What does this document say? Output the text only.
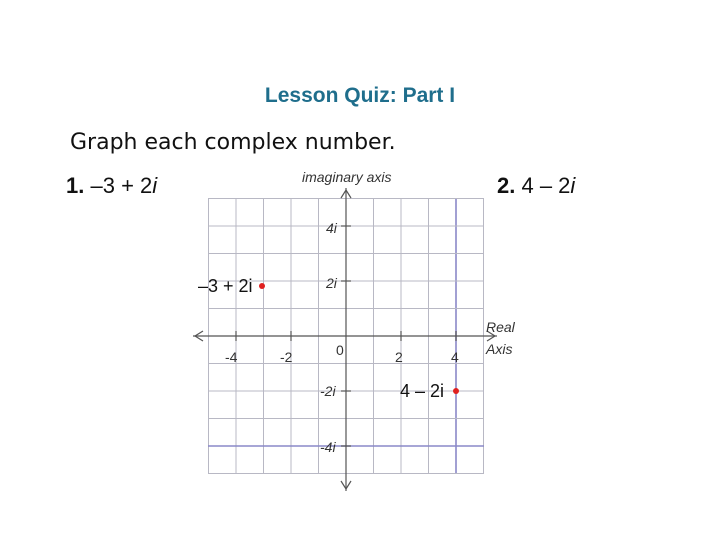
Lesson Quiz: Part I
Graph each complex number.
1. –3 + 2i	2. 4 – 2i
imaginary axis
Real
Axis
0
-4	-2	2	4
4i
2i
-2i
-4i
–3 + 2i
4 – 2i
